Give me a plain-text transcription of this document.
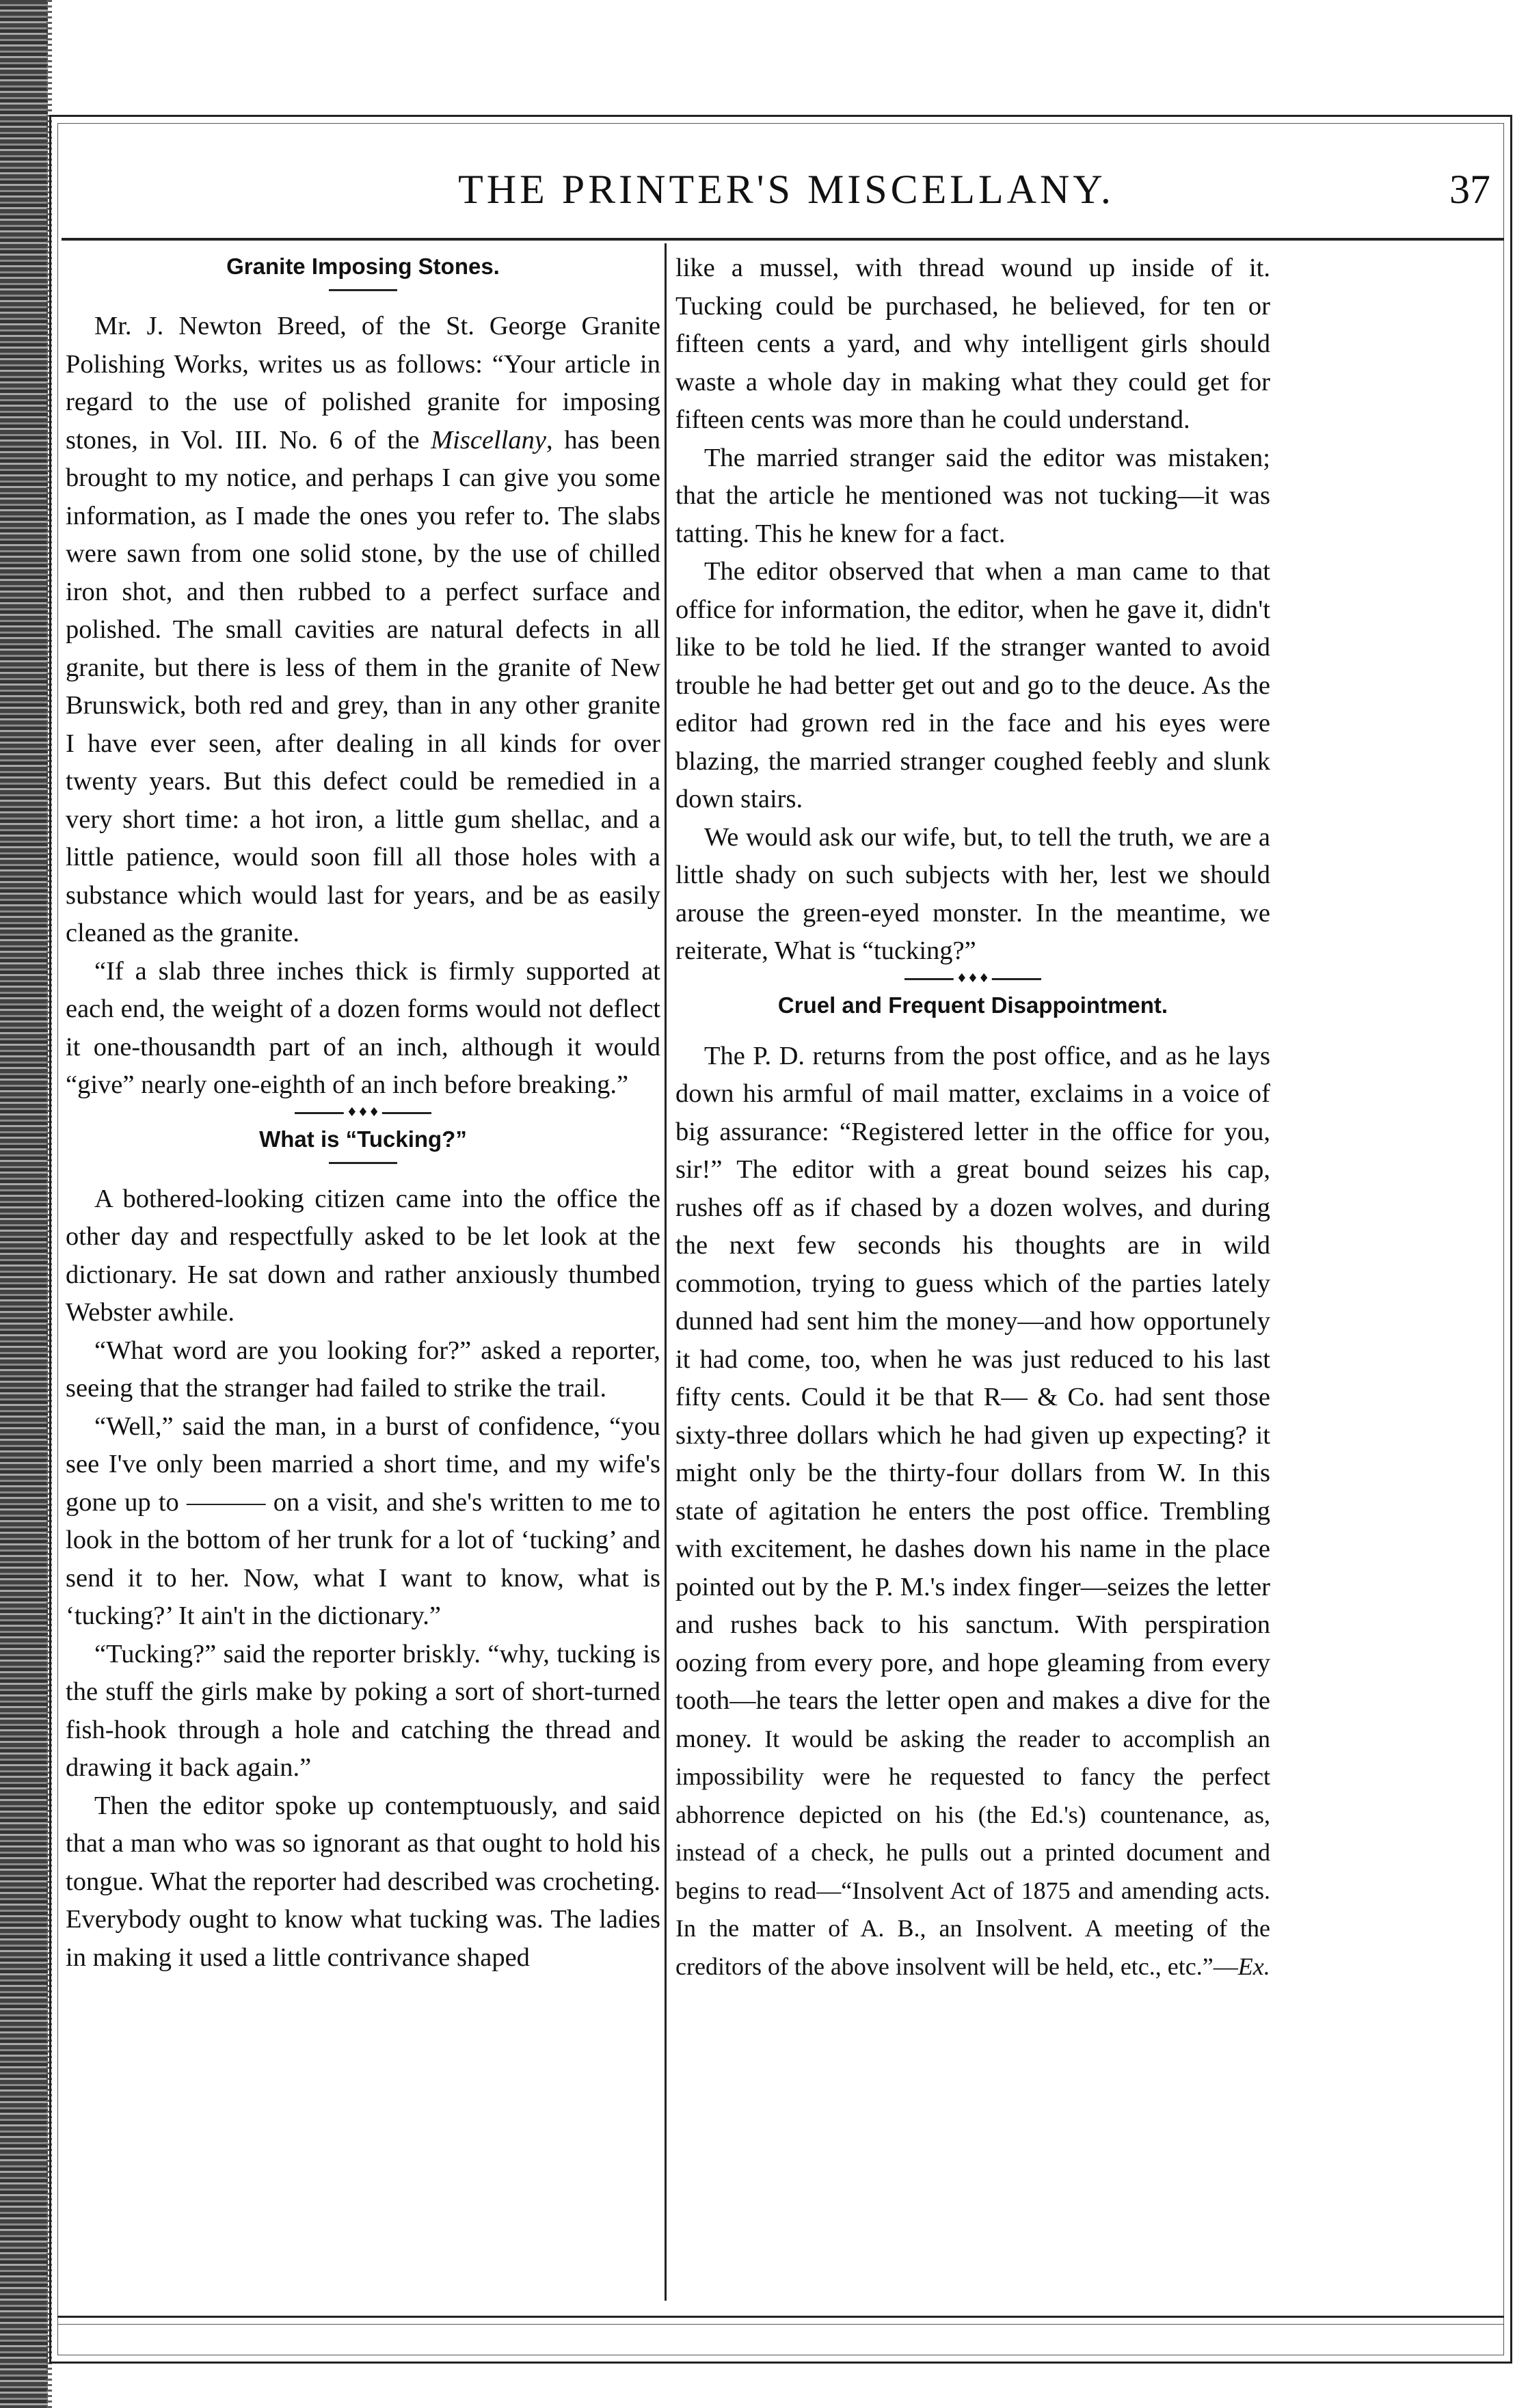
THE PRINTER'S MISCELLANY.	37
Granite Imposing Stones.

Mr. J. Newton Breed, of the St. George Granite Polishing Works, writes us as follows: “Your article in regard to the use of polished granite for imposing stones, in Vol. III. No. 6 of the Miscellany, has been brought to my notice, and perhaps I can give you some information, as I made the ones you refer to. The slabs were sawn from one solid stone, by the use of chilled iron shot, and then rubbed to a perfect surface and polished. The small cavities are natural defects in all granite, but there is less of them in the granite of New Brunswick, both red and grey, than in any other granite I have ever seen, after dealing in all kinds for over twenty years. But this defect could be remedied in a very short time: a hot iron, a little gum shellac, and a little patience, would soon fill all those holes with a substance which would last for years, and be as easily cleaned as the granite.

“If a slab three inches thick is firmly supported at each end, the weight of a dozen forms would not deflect it one-thousandth part of an inch, although it would “give” nearly one-eighth of an inch before breaking.”

♦♦♦
What is “Tucking?”

A bothered-looking citizen came into the office the other day and respectfully asked to be let look at the dictionary. He sat down and rather anxiously thumbed Webster awhile.

“What word are you looking for?” asked a reporter, seeing that the stranger had failed to strike the trail.

“Well,” said the man, in a burst of confidence, “you see I've only been married a short time, and my wife's gone up to ——— on a visit, and she's written to me to look in the bottom of her trunk for a lot of ‘tucking’ and send it to her. Now, what I want to know, what is ‘tucking?’ It ain't in the dictionary.”

“Tucking?” said the reporter briskly. “why, tucking is the stuff the girls make by poking a sort of short-turned fish-hook through a hole and catching the thread and drawing it back again.”

Then the editor spoke up contemptuously, and said that a man who was so ignorant as that ought to hold his tongue. What the reporter had described was crocheting. Everybody ought to know what tucking was. The ladies in making it used a little contrivance shaped

like a mussel, with thread wound up inside of it. Tucking could be purchased, he believed, for ten or fifteen cents a yard, and why intelligent girls should waste a whole day in making what they could get for fifteen cents was more than he could understand.

The married stranger said the editor was mistaken; that the article he mentioned was not tucking—it was tatting. This he knew for a fact.

The editor observed that when a man came to that office for information, the editor, when he gave it, didn't like to be told he lied. If the stranger wanted to avoid trouble he had better get out and go to the deuce. As the editor had grown red in the face and his eyes were blazing, the married stranger coughed feebly and slunk down stairs.

We would ask our wife, but, to tell the truth, we are a little shady on such subjects with her, lest we should arouse the green-eyed monster. In the meantime, we reiterate, What is “tucking?”

♦♦♦
Cruel and Frequent Disappointment.

The P. D. returns from the post office, and as he lays down his armful of mail matter, exclaims in a voice of big assurance: “Registered letter in the office for you, sir!” The editor with a great bound seizes his cap, rushes off as if chased by a dozen wolves, and during the next few seconds his thoughts are in wild commotion, trying to guess which of the parties lately dunned had sent him the money—and how opportunely it had come, too, when he was just reduced to his last fifty cents. Could it be that R— & Co. had sent those sixty-three dollars which he had given up expecting? it might only be the thirty-four dollars from W. In this state of agitation he enters the post office. Trembling with excitement, he dashes down his name in the place pointed out by the P. M.'s index finger—seizes the letter and rushes back to his sanctum. With perspiration oozing from every pore, and hope gleaming from every tooth—he tears the letter open and makes a dive for the money. It would be asking the reader to accomplish an impossibility were he requested to fancy the perfect abhorrence depicted on his (the Ed.'s) countenance, as, instead of a check, he pulls out a printed document and begins to read—“Insolvent Act of 1875 and amending acts. In the matter of A. B., an Insolvent. A meeting of the creditors of the above insolvent will be held, etc., etc.”—Ex.
